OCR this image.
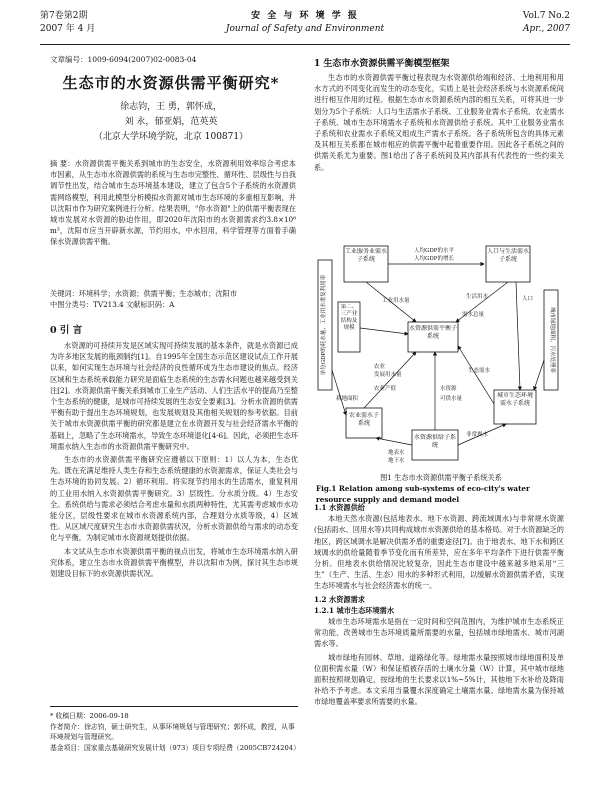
第7卷第2期
2007 年 4 月
安 全 与 环 境 学 报
Journal of Safety and Environment
Vol.7 No.2
Apr., 2007
文章编号：1009-6094(2007)02-0083-04
生态市的水资源供需平衡研究*
徐志钧，王 勇，郭怀成，
刘 永，郁亚娟，范英英
（北京大学环境学院，北京 100871）
摘 要：水资源供需平衡关系到城市的生态安全，水资源利用效率综合考虑本市因素，从生态市水资源供需的系统与生态市完整性、循环性、层级性与自我调节性出发，结合城市生态环境基本建设，建立了包含5个子系统的水资源供需网络模型，利用此模型分析模拟水资源对城市生态环境的多重相互影响，并以沈阳市作为研究案例进行分析。结果表明，"你水资源"上的供需平衡表现在城市发展对水资源的胁迫作用，即2020年沈阳市的水资源需求约3.8×10⁸ m³，沈阳市应当开辟新水源，节约用水，中水回用，科学管理等方面着手确保水资源供需平衡。
关键词：环境科学；水资源；供需平衡；生态城市；沈阳市
中图分类号：TV213.4 文献标识码：A
0 引 言

水资源的可持续开发是区域实现可持续发展的基本条件，就是水资源已成为许多地区发展的瓶颈制约[1]。自1995年全国生态示范区建设试点工作开展以来，如何实现生态环境与社会经济的良性循环成为生态市建设的焦点。经济区域和生态系统承载能力研究是面临生态系统的生态需水问题也越来越受到关注[2]。水资源供需平衡关系到城市工业生产活动、人们生活水平的提高乃至整个生态系统的健康，是城市可持续发展的生态安全要素[3]。分析水资源的供需平衡有助于提出生态环境规划，也发展规划及其他相关规划的参考依据。目前关于城市水资源供需平衡的研究都是建立在水资源开发与社会经济需水平衡的基础上，忽略了生态环境需水，导致生态环境退化[4-6]。因此，必须把生态环境需水纳入生态市的水资源供需平衡研究中。

生态市的水资源供需平衡研究应遵循以下原则：1）以人为本，生态优先。既在充满足维持人类生存和生态系统健康的水资源需求，保证人类社会与生态环境的协同发展。2）循环利用。将实现节约用水的生活需水，重复利用的工业用水纳入水资源供需平衡研究。3）层级性。分水质分级。4）生态安全。系统供给与需求必须结合考虑水量和水质两种特性，尤其需考虑城市水功能分区，层级性要求在城市水资源系统内部，合理划分水质等级，4）区域性。从区域尺度研究生态市水资源供需状况，分析水资源供给与需求的动态变化与平衡，为制定城市水资源规划提供依据。

本文试从生态市水资源供需平衡的视点出发，将城市生态环境需水纳入研究体系，建立生态市水资源供需平衡模型，并以沈阳市为例，探讨其生态市规划建设目标下的水资源供需状况。

* 收稿日期：2006-09-18
作者简介：徐志钧，硕士研究生，从事环境规划与管理研究；郭怀成，教授，从事环境规划与管理研究。
基金项目：国家重点基础研究发展计划（973）项目专项经费（2005CB724204）
1 生态市水资源供需平衡模型框架

生态市的水资源供需平衡过程表现为水资源供给端和经济、土地利用和用水方式的不同变化而发生的动态变化，实质上是社会经济系统与水资源系统间进行相互作用的过程。根据生态市水资源系统内部的相互关系，可将其进一步划分为5个子系统：人口与生活需水子系统、工业服务业需水子系统、农业需水子系统、城市生态环境需水子系统和水资源供给子系统。其中工业服务业需水子系统和农业需水子系统又组成生产需水子系统。各子系统所包含的具体元素及其相互关系都在城市相应的供需平衡中起着重要作用。因此各子系统之间的供需关系尤为重要。图1给出了各子系统间及其内部具有代表性的一些约束关系。

单位GDP的耗水量、工业用水重复利用率	城市绿地面积、污水处理率
工业服务业需水子系统
人口与生活需水子系统
第二、三产业结构及规模	水资源供需平衡子系统
农业需水子系统
城市生态环境需水子系统
水资源供给子系统
人均GDP的水平
人均GDP的增长
工业用水量
生活用水
农业
发展用水量
农业产值
生态需水
人口
耕地面积
水资源
需水总量
可供水量
非常规水
地表水
地下水
图1 生态市水资源供需平衡子系统关系
Fig.1 Relation among sub-systems of eco-city's water resource supply and demand model
1.1 水资源供给

本地天然水资源(包括地表水、地下水资源、跨流域调水)与非常规水资源(包括雨水、回用水等)共同构成城市水资源供给的基本格局。对于水资源缺乏的地区，跨区域调水是解决供需矛盾的重要途径[7]。由于地表水、地下水和跨区域调水的供给量随着季节变化而有所差异，应在多年平均条件下进行供需平衡分析。但地表水供给情况比较复杂，因此生态市建设中越来越多地采用“三生”（生产、生活、生态）用水的多种形式利用，以缓解水资源供需矛盾，实现生态环境需水与社会经济需水的统一。

1.2 水资源需求
1.2.1 城市生态环境需水

城市生态环境需水是指在一定时间和空间范围内，为维护城市生态系统正常功能、改善城市生态环境质量所需要的水量，包括城市绿地需水、城市河湖需水等。

城市绿地有园林、草地、道路绿化等。绿地需水量按照城市绿地面积及单位面积需水量（W）和保证植被存活的土壤水分量（W）计算，其中城市绿地面积按照规划确定，按绿地的生长要求以1%~5%计，其他地下水补给及降雨补给不予考虑。本文采用当量覆水深度确定土壤需水量。绿地需水量为保持城市绿地覆盖率要求所需要的水量。
